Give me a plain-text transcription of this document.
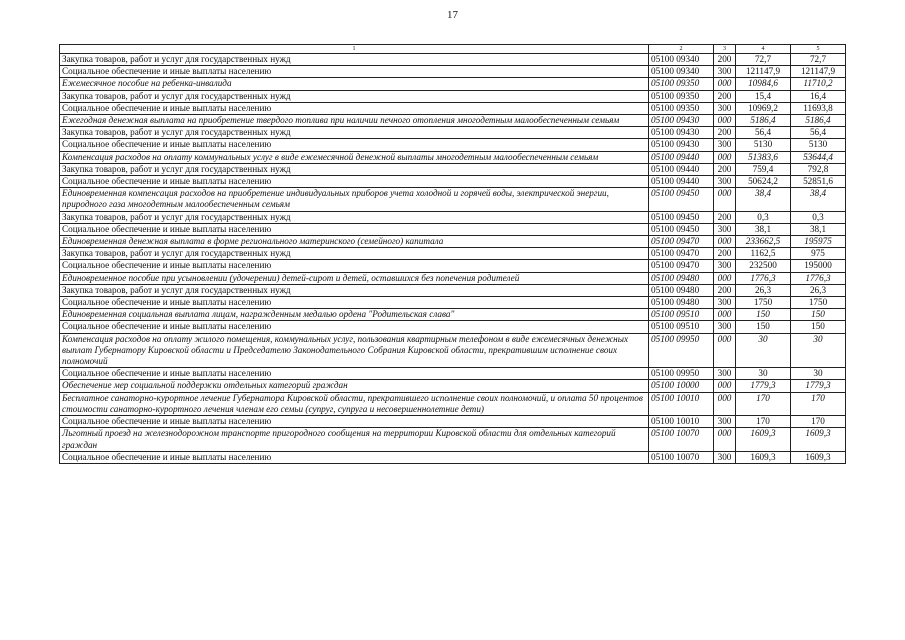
17
1	2	3	4	5
Закупка товаров, работ и услуг для государственных нужд	05100 09340	200	72,7	72,7
Социальное обеспечение и иные выплаты населению	05100 09340	300	121147,9	121147,9
Ежемесячное пособие на ребенка-инвалида	05100 09350	000	10984,6	11710,2
Закупка товаров, работ и услуг для государственных нужд	05100 09350	200	15,4	16,4
Социальное обеспечение и иные выплаты населению	05100 09350	300	10969,2	11693,8
Ежегодная денежная выплата на приобретение твердого топлива при наличии печного отопления многодетным малообеспеченным семьям	05100 09430	000	5186,4	5186,4
Закупка товаров, работ и услуг для государственных нужд	05100 09430	200	56,4	56,4
Социальное обеспечение и иные выплаты населению	05100 09430	300	5130	5130
Компенсация расходов на оплату коммунальных услуг в виде ежемесячной денежной выплаты многодетным малообеспеченным семьям	05100 09440	000	51383,6	53644,4
Закупка товаров, работ и услуг для государственных нужд	05100 09440	200	759,4	792,8
Социальное обеспечение и иные выплаты населению	05100 09440	300	50624,2	52851,6
Единовременная компенсация расходов на приобретение индивидуальных приборов учета холодной и горячей воды, электрической энергии, природного газа многодетным малообеспеченным семьям	05100 09450	000	38,4	38,4
Закупка товаров, работ и услуг для государственных нужд	05100 09450	200	0,3	0,3
Социальное обеспечение и иные выплаты населению	05100 09450	300	38,1	38,1
Единовременная денежная выплата в форме регионального материнского (семейного) капитала	05100 09470	000	233662,5	195975
Закупка товаров, работ и услуг для государственных нужд	05100 09470	200	1162,5	975
Социальное обеспечение и иные выплаты населению	05100 09470	300	232500	195000
Единовременное пособие при усыновлении (удочерении) детей-сирот и детей, оставшихся без попечения родителей	05100 09480	000	1776,3	1776,3
Закупка товаров, работ и услуг для государственных нужд	05100 09480	200	26,3	26,3
Социальное обеспечение и иные выплаты населению	05100 09480	300	1750	1750
Единовременная социальная выплата лицам, награжденным медалью ордена "Родительская слава"	05100 09510	000	150	150
Социальное обеспечение и иные выплаты населению	05100 09510	300	150	150
Компенсация расходов на оплату жилого помещения, коммунальных услуг, пользования квартирным телефоном в виде ежемесячных денежных выплат Губернатору Кировской области и Председателю Законодательного Собрания Кировской области, прекратившим исполнение своих полномочий	05100 09950	000	30	30
Социальное обеспечение и иные выплаты населению	05100 09950	300	30	30
Обеспечение мер социальной поддержки отдельных категорий граждан	05100 10000	000	1779,3	1779,3
Бесплатное санаторно-курортное лечение Губернатора Кировской области, прекратившего исполнение своих полномочий, и оплата 50 процентов стоимости санаторно-курортного лечения членам его семьи (супруг, супруга и несовершеннолетние дети)	05100 10010	000	170	170
Социальное обеспечение и иные выплаты населению	05100 10010	300	170	170
Льготный проезд на железнодорожном транспорте пригородного сообщения на территории Кировской области для отдельных категорий граждан	05100 10070	000	1609,3	1609,3
Социальное обеспечение и иные выплаты населению	05100 10070	300	1609,3	1609,3
